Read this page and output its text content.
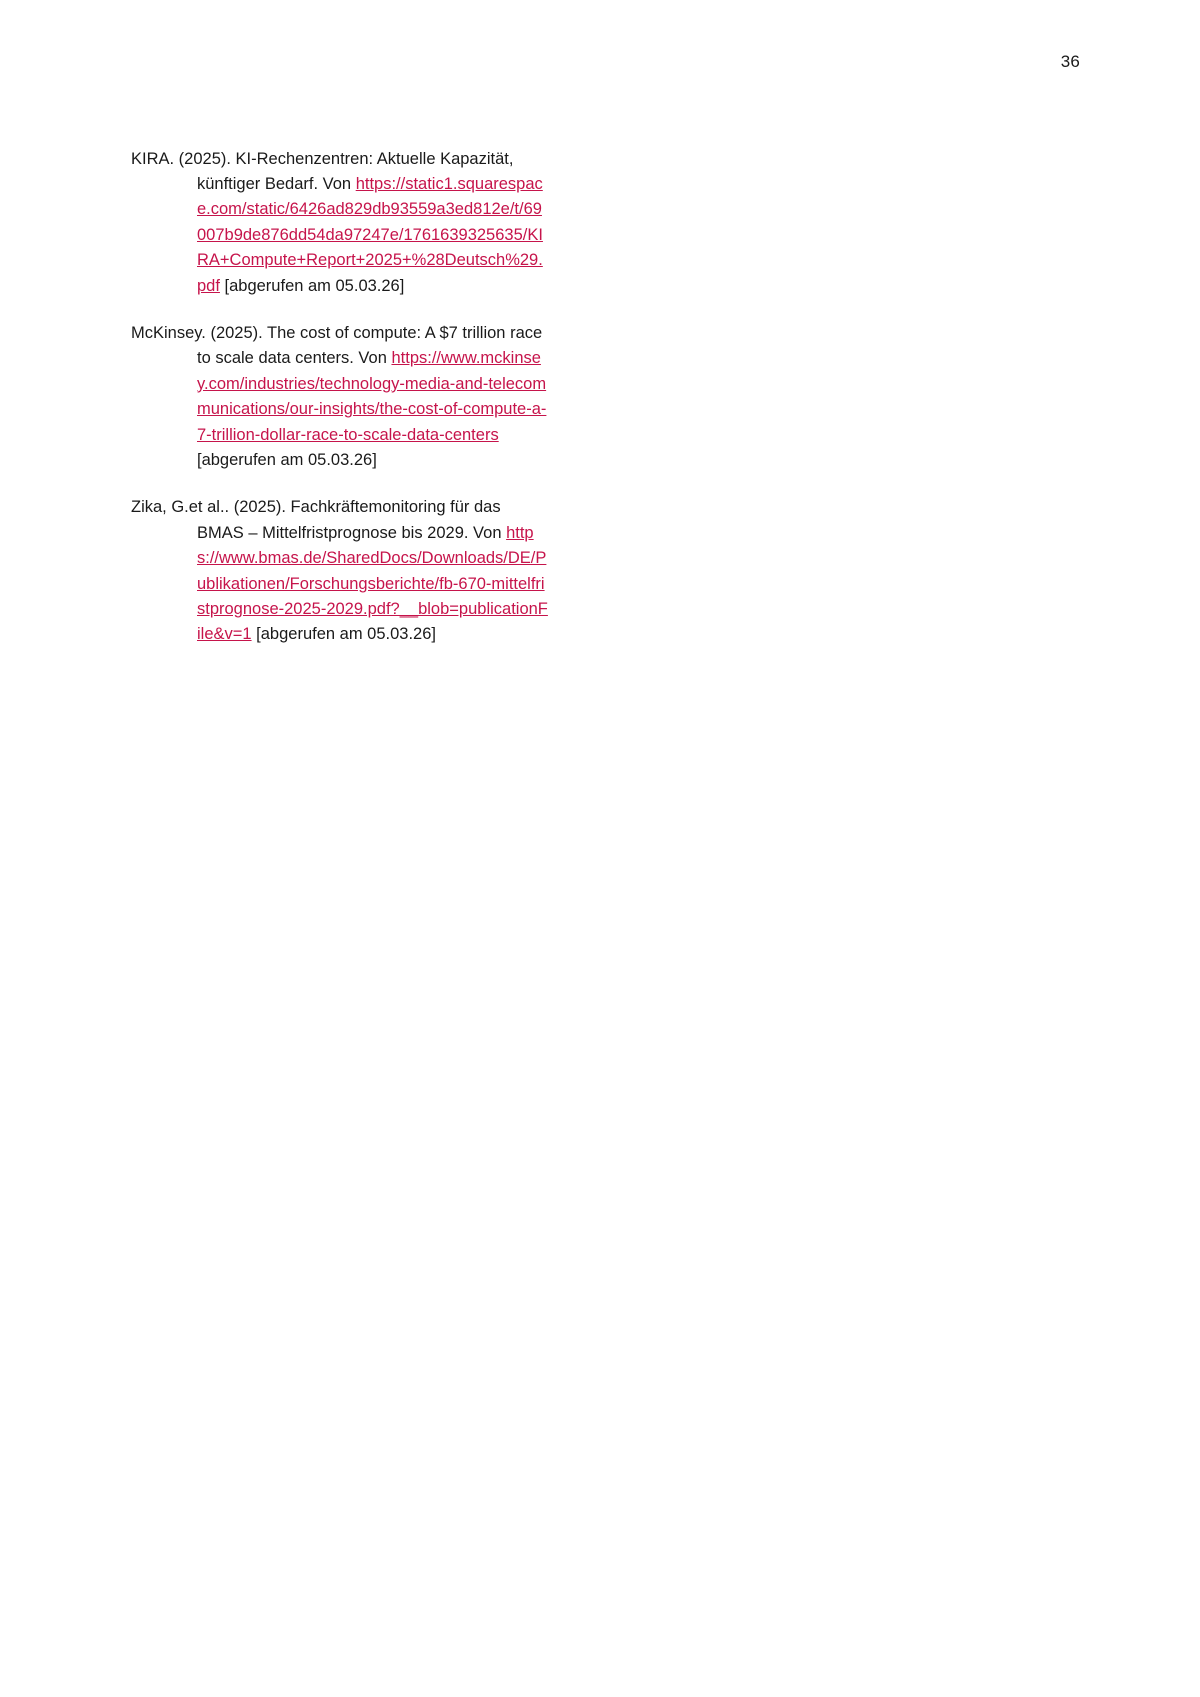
36

KIRA. (2025). KI-Rechenzentren: Aktuelle Kapazität, künftiger Bedarf. Von https://static1.squarespace.com/static/6426ad829db93559a3ed812e/t/69007b9de876dd54da97247e/1761639325635/KIRA+Compute+Report+2025+%28Deutsch%29.pdf [abgerufen am 05.03.26]

McKinsey. (2025). The cost of compute: A $7 trillion race to scale data centers. Von https://www.mckinsey.com/industries/technology-media-and-telecommunications/our-insights/the-cost-of-compute-a-7-trillion-dollar-race-to-scale-data-centers [abgerufen am 05.03.26]

Zika, G.et al.. (2025). Fachkräftemonitoring für das BMAS – Mittelfristprognose bis 2029. Von https://www.bmas.de/SharedDocs/Downloads/DE/Publikationen/Forschungsberichte/fb-670-mittelfristprognose-2025-2029.pdf?__blob=publicationFile&v=1 [abgerufen am 05.03.26]
